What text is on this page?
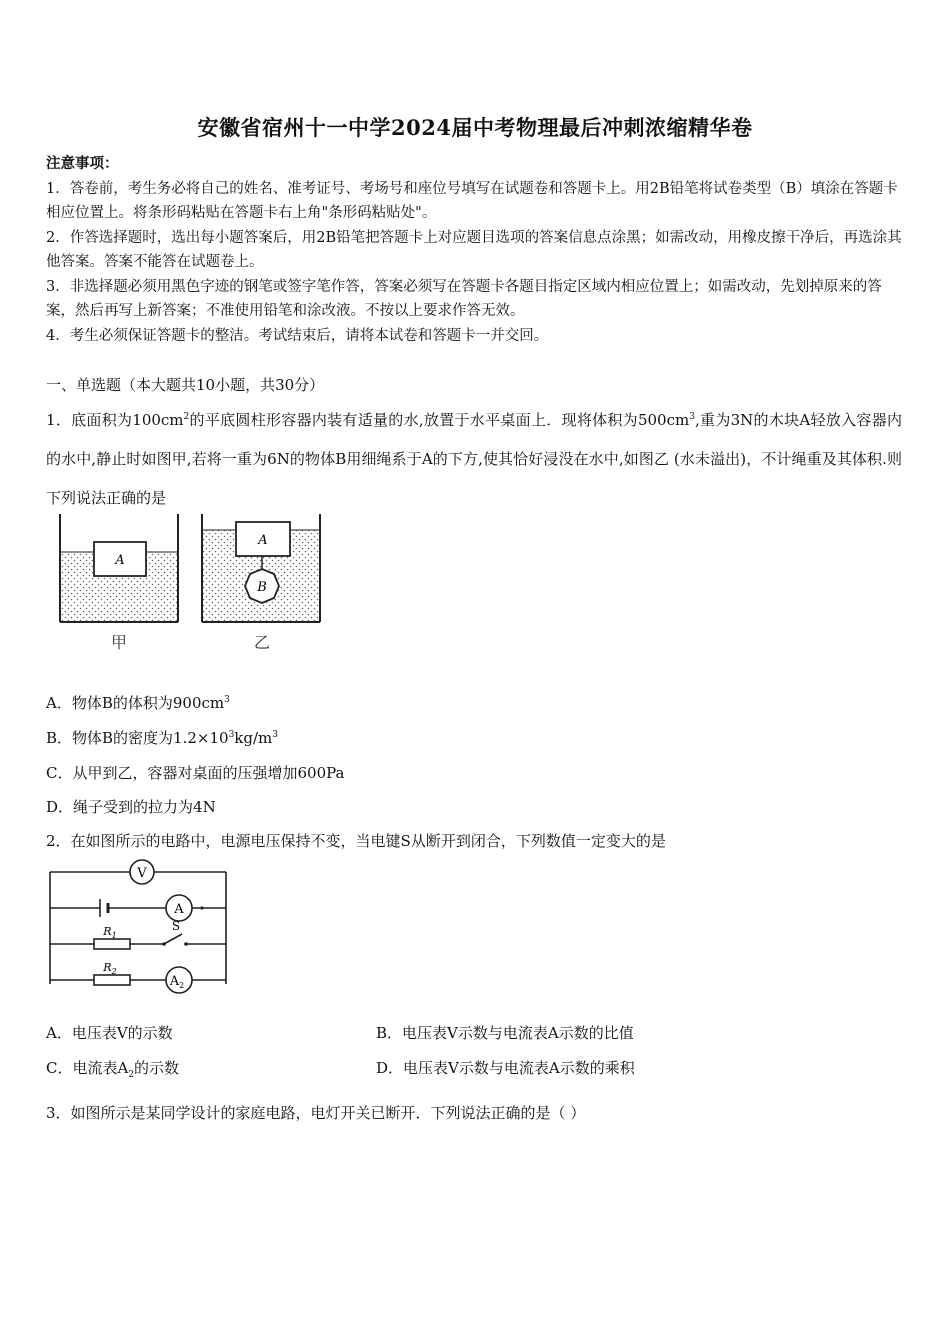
安徽省宿州十一中学2024届中考物理最后冲刺浓缩精华卷

注意事项：

1．答卷前，考生务必将自己的姓名、准考证号、考场号和座位号填写在试题卷和答题卡上。用2B铅笔将试卷类型（B）填涂在答题卡相应位置上。将条形码粘贴在答题卡右上角"条形码粘贴处"。

2．作答选择题时，选出每小题答案后，用2B铅笔把答题卡上对应题目选项的答案信息点涂黑；如需改动，用橡皮擦干净后，再选涂其他答案。答案不能答在试题卷上。

3．非选择题必须用黑色字迹的钢笔或签字笔作答，答案必须写在答题卡各题目指定区域内相应位置上；如需改动，先划掉原来的答案，然后再写上新答案；不准使用铅笔和涂改液。不按以上要求作答无效。

4．考生必须保证答题卡的整洁。考试结束后，请将本试卷和答题卡一并交回。

一、单选题（本大题共10小题，共30分）
1．底面积为$100cm^2$的平底圆柱形容器内装有适量的水,放置于水平桌面上．现将体积为$500cm^3$,重为3N的木块A轻放入容器内的水中,静止时如图甲,若将一重为6N的物体B用细绳系于A的下方,使其恰好浸没在水中,如图乙 (水未溢出)，不计绳重及其体积.则下列说法正确的是
A
A
B
甲	乙
A．物体B的体积为$900cm^3$
B．物体B的密度为$1.2\times 10^3kg/m^3$
C．从甲到乙，容器对桌面的压强增加600Pa
D．绳子受到的拉力为4N
2．在如图所示的电路中，电源电压保持不变，当电键S从断开到闭合，下列数值一定变大的是
V
A
$R_1$
S
$R_2$
$A_2$
A．电压表V的示数	B．电压表V示数与电流表A示数的比值
C．电流表$A_2$的示数	D．电压表V示数与电流表A示数的乘积
3．如图所示是某同学设计的家庭电路，电灯开关已断开．下列说法正确的是（ ）
